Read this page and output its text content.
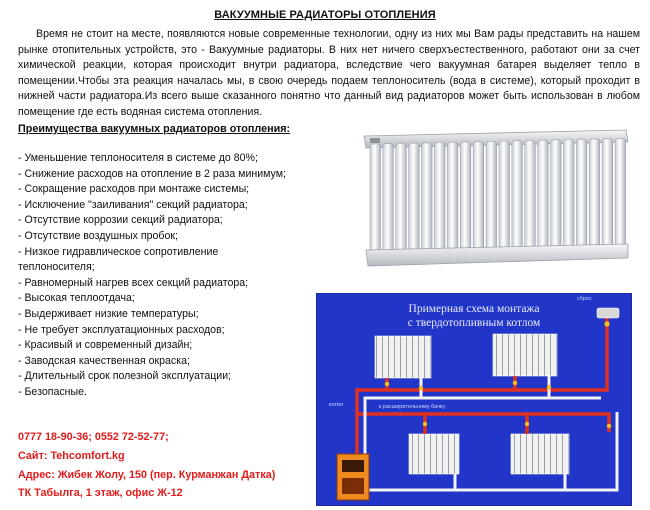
ВАКУУМНЫЕ РАДИАТОРЫ ОТОПЛЕНИЯ
Время не стоит на месте, появляются новые современные технологии, одну из них мы Вам рады представить на нашем рынке отопительных устройств, это - Вакуумные радиаторы. В них нет ничего сверхъестественного, работают они за счет химической реакции, которая происходит внутри радиатора, вследствие чего вакуумная батарея выделяет тепло в помещении.Чтобы эта реакция началась мы, в свою очередь подаем теплоноситель (вода в системе), который проходит в нижней части радиатора.Из всего выше сказанного понятно что данный вид радиаторов может быть использован в любом помещение где есть водяная система отопления.
Преимущества вакуумных радиаторов отопления:
- Уменьшение теплоносителя в системе до 80%;
- Снижение расходов на отопление в 2 раза минимум;
- Сокращение расходов при монтаже системы;
- Исключение "заиливания" секций радиатора;
- Отсутствие коррозии секций радиатора;
- Отсутствие воздушных пробок;
- Низкое гидравлическое сопротивление
теплоносителя;
- Равномерный нагрев всех секций радиатора;
- Высокая теплоотдача;
- Выдерживает низкие температуры;
- Не требует эксплуатационных расходов;
- Красивый и современный дизайн;
- Заводская качественная окраска;
- Длительный срок полезной эксплуатации;
- Безопасные.
0777 18-90-36; 0552 72-52-77;
Сайт: Tehcomfort.kg
Адрес: Жибек Жолу, 150 (пер. Курманжан Датка)
ТК Табылга, 1 этаж, офис Ж-12
Примерная схема монтажа
с твердотопливным котлом
сброс
котел	к расширительному бачку
